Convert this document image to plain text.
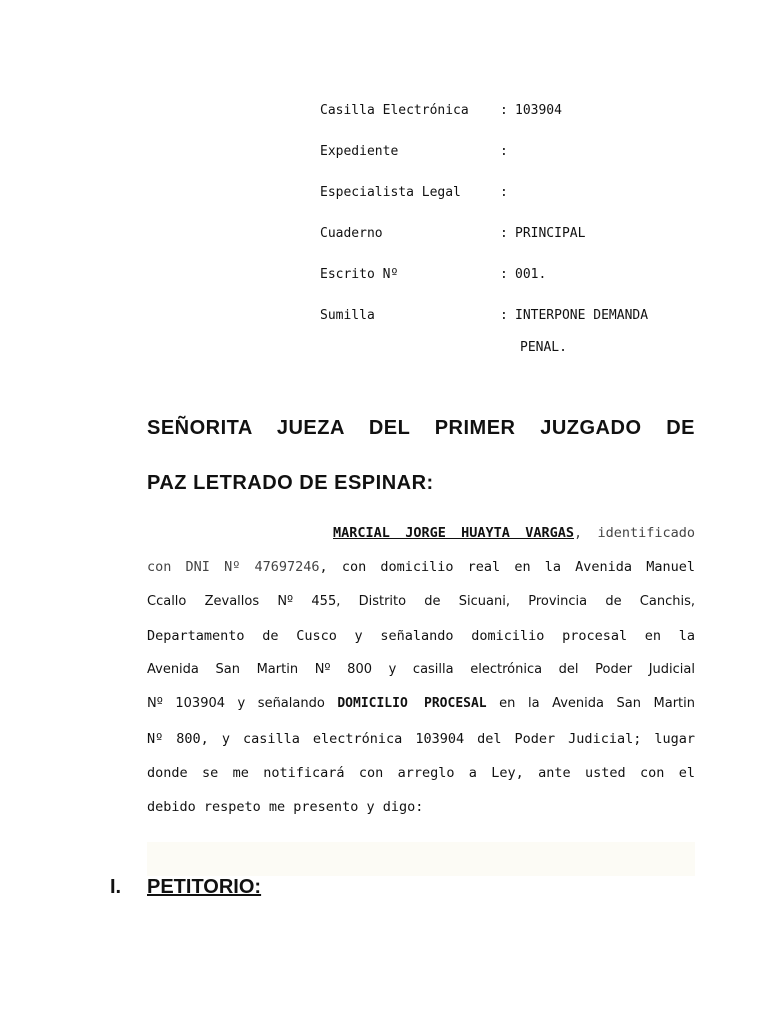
Casilla Electrónica : 103904
Expediente	:
Especialista Legal	:
Cuaderno	: PRINCIPAL
Escrito Nº	: 001.
Sumilla	: INTERPONE DEMANDA
PENAL.
SEÑORITA JUEZA DEL PRIMER JUZGADO DE
PAZ LETRADO DE ESPINAR:
MARCIAL JORGE HUAYTA VARGAS, identificado
con DNI Nº 47697246, con domicilio real en la Avenida Manuel
Ccallo Zevallos Nº 455, Distrito de Sicuani, Provincia de Canchis,
Departamento de Cusco y señalando domicilio procesal en la
Avenida San Martin Nº 800 y casilla electrónica del Poder Judicial
Nº 103904 y señalando DOMICILIO PROCESAL en la Avenida San Martin
Nº 800, y casilla electrónica 103904 del Poder Judicial; lugar
donde se me notificará con arreglo a Ley, ante usted con el
debido respeto me presento y digo:
I. PETITORIO:
